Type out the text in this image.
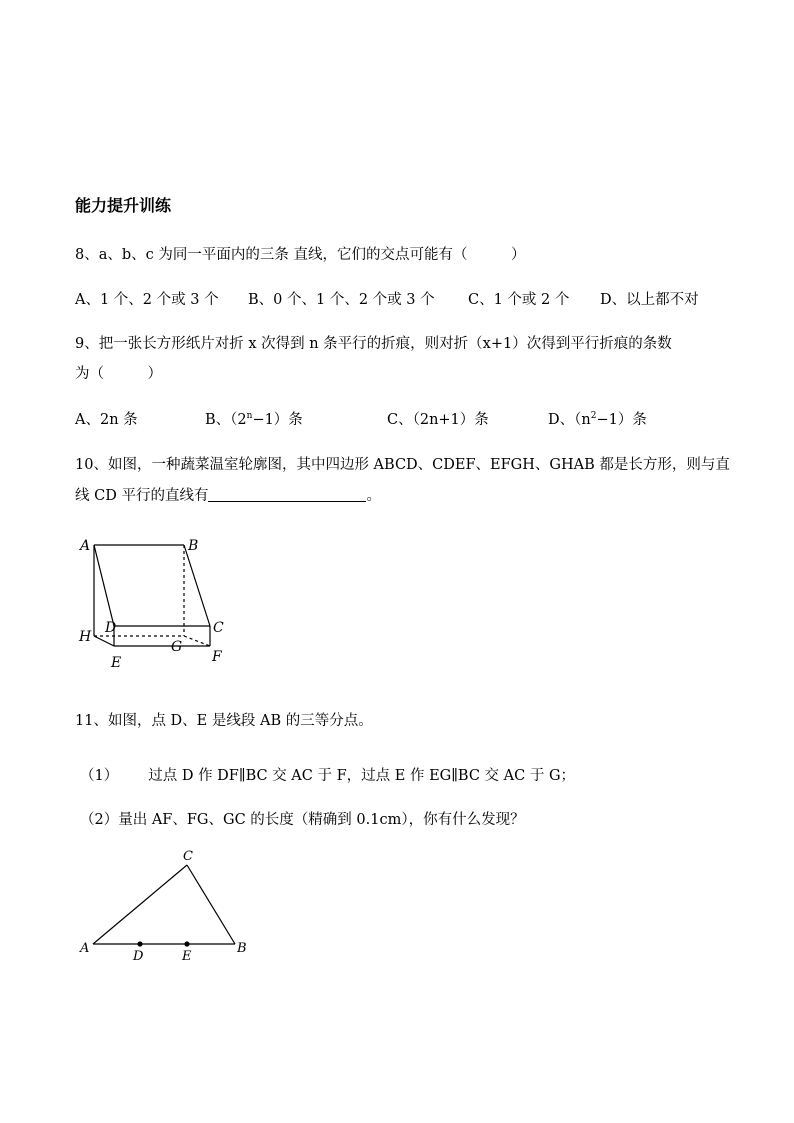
能力提升训练
8、a、b、c 为同一平面内的三条 直线，它们的交点可能有（　　　）
A、1 个、2 个或 3 个 B、0 个、1 个、2 个或 3 个 C、1 个或 2 个 D、以上都不对
9、把一张长方形纸片对折 x 次得到 n 条平行的折痕，则对折（x+1）次得到平行折痕的条数
为（　　　）
A、2n 条	B、$(2^n-1)$条	C、（2n+1）条	D、$(n^2-1)$条
10、如图，一种蔬菜温室轮廓图，其中四边形 ABCD、CDEF、EFGH、GHAB 都是长方形，则与直
线 CD 平行的直线有	。
A	B
C
D
G
H
E	F
11、如图，点 D、E 是线段 AB 的三等分点。
（1） 过点 D 作 DF∥BC 交 AC 于 F，过点 E 作 EG∥BC 交 AC 于 G；
（2）量出 AF、FG、GC 的长度（精确到 0.1cm），你有什么发现？
A	B
C
D	E
